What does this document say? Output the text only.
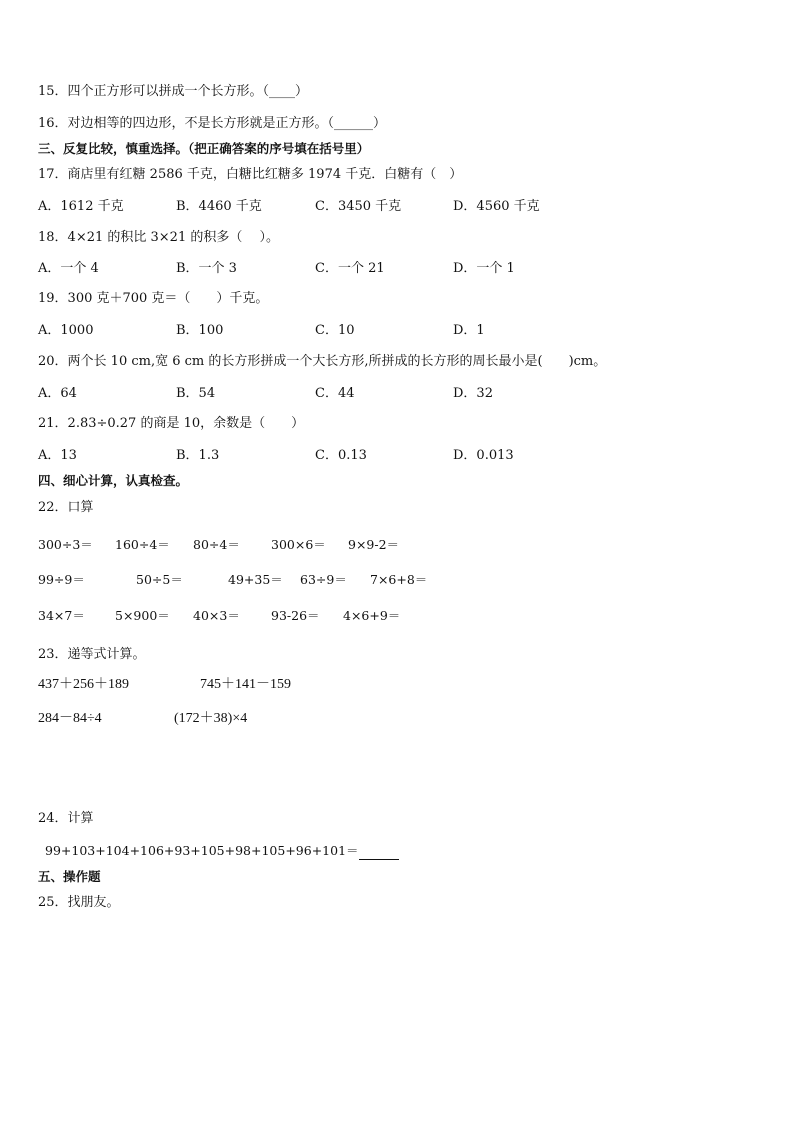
15．四个正方形可以拼成一个长方形。（____）
16．对边相等的四边形，不是长方形就是正方形。（______）
三、反复比较，慎重选择。（把正确答案的序号填在括号里）
17．商店里有红糖 2586 千克，白糖比红糖多 1974 千克．白糖有（　）
A．1612 千克	B．4460 千克	C．3450 千克	D．4560 千克
18．4×21 的积比 3×21 的积多（　 ）。
A．一个 4	B．一个 3	C．一个 21	D．一个 1
19．300 克＋700 克＝（　　）千克。
A．1000	B．100	C．10	D．1
20．两个长 10 cm,宽 6 cm 的长方形拼成一个大长方形,所拼成的长方形的周长最小是(　　)cm。
A．64	B．54	C．44	D．32
21．2.83÷0.27 的商是 10，余数是（　　）
A．13	B．1.3	C．0.13	D．0.013
四、细心计算，认真检查。
22．口算
300÷3＝ 160÷4＝ 80÷4＝ 300×6＝ 9×9-2＝
99÷9＝	50÷5＝	49+35＝ 63÷9＝ 7×6+8＝
34×7＝ 5×900＝ 40×3＝ 93-26＝ 4×6+9＝
23．递等式计算。
437＋256＋189	745＋141－159
284－84÷4	(172＋38)×4
24．计算
99+103+104+106+93+105+98+105+96+101＝
五、操作题
25．找朋友。
